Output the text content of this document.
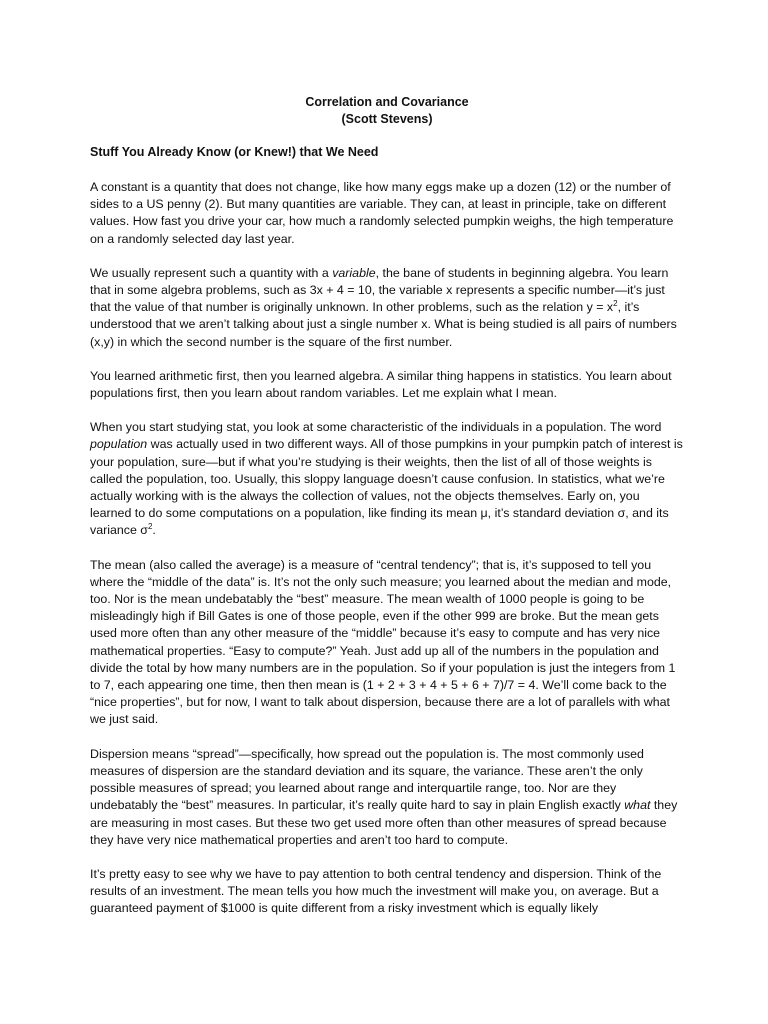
Correlation and Covariance
(Scott Stevens)
Stuff You Already Know (or Knew!) that We Need

A constant is a quantity that does not change, like how many eggs make up a dozen (12) or the number of sides to a US penny (2). But many quantities are variable. They can, at least in principle, take on different values. How fast you drive your car, how much a randomly selected pumpkin weighs, the high temperature on a randomly selected day last year.

We usually represent such a quantity with a variable, the bane of students in beginning algebra. You learn that in some algebra problems, such as 3x + 4 = 10, the variable x represents a specific number—it’s just that the value of that number is originally unknown. In other problems, such as the relation $y = x^2$, it’s understood that we aren’t talking about just a single number x. What is being studied is all pairs of numbers (x,y) in which the second number is the square of the first number.

You learned arithmetic first, then you learned algebra. A similar thing happens in statistics. You learn about populations first, then you learn about random variables. Let me explain what I mean.

When you start studying stat, you look at some characteristic of the individuals in a population. The word population was actually used in two different ways. All of those pumpkins in your pumpkin patch of interest is your population, sure—but if what you’re studying is their weights, then the list of all of those weights is called the population, too. Usually, this sloppy language doesn’t cause confusion. In statistics, what we’re actually working with is the always the collection of values, not the objects themselves. Early on, you learned to do some computations on a population, like finding its mean μ, it’s standard deviation σ, and its variance $\sigma^2$.

The mean (also called the average) is a measure of “central tendency”; that is, it’s supposed to tell you where the “middle of the data” is. It’s not the only such measure; you learned about the median and mode, too. Nor is the mean undebatably the “best” measure. The mean wealth of 1000 people is going to be misleadingly high if Bill Gates is one of those people, even if the other 999 are broke. But the mean gets used more often than any other measure of the “middle” because it’s easy to compute and has very nice mathematical properties. “Easy to compute?” Yeah. Just add up all of the numbers in the population and divide the total by how many numbers are in the population. So if your population is just the integers from 1 to 7, each appearing one time, then then mean is (1 + 2 + 3 + 4 + 5 + 6 + 7)/7 = 4. We’ll come back to the “nice properties”, but for now, I want to talk about dispersion, because there are a lot of parallels with what we just said.

Dispersion means “spread”—specifically, how spread out the population is. The most commonly used measures of dispersion are the standard deviation and its square, the variance. These aren’t the only possible measures of spread; you learned about range and interquartile range, too. Nor are they undebatably the “best” measures. In particular, it’s really quite hard to say in plain English exactly what they are measuring in most cases. But these two get used more often than other measures of spread because they have very nice mathematical properties and aren’t too hard to compute.

It’s pretty easy to see why we have to pay attention to both central tendency and dispersion. Think of the results of an investment. The mean tells you how much the investment will make you, on average. But a guaranteed payment of $1000 is quite different from a risky investment which is equally likely
